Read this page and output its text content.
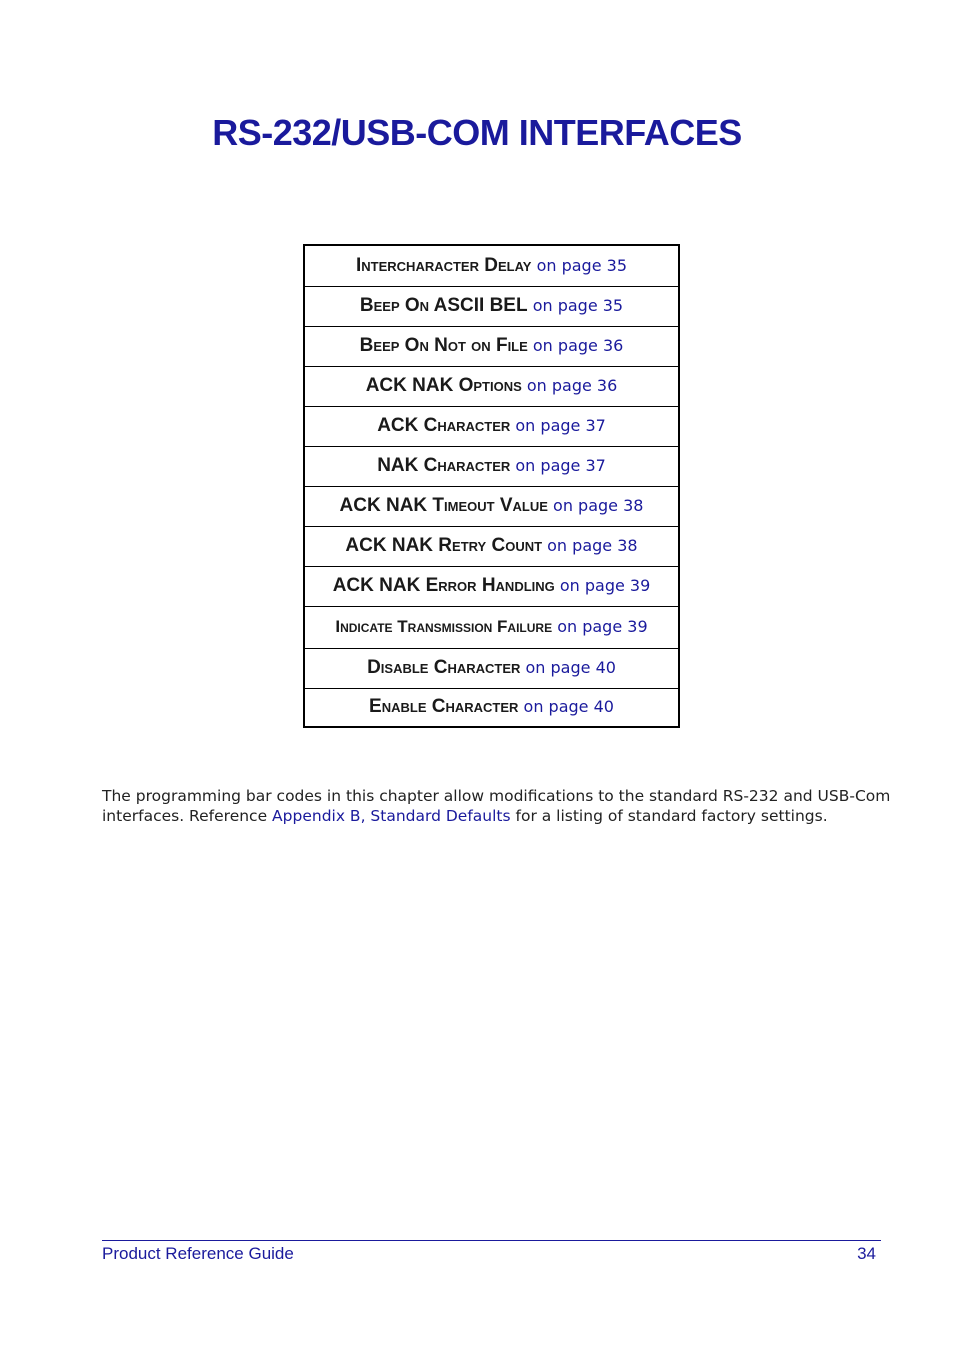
RS-232/USB-COM INTERFACES
Intercharacter Delay on page 35
Beep On ASCII BEL on page 35
Beep On Not on File on page 36
ACK NAK Options on page 36
ACK Character on page 37
NAK Character on page 37
ACK NAK Timeout Value on page 38
ACK NAK Retry Count on page 38
ACK NAK Error Handling on page 39
Indicate Transmission Failure on page 39
Disable Character on page 40
Enable Character on page 40

The programming bar codes in this chapter allow modifications to the standard RS-232 and USB-Com interfaces. Reference Appendix B, Standard Defaults for a listing of standard factory settings.

Product Reference Guide	34
